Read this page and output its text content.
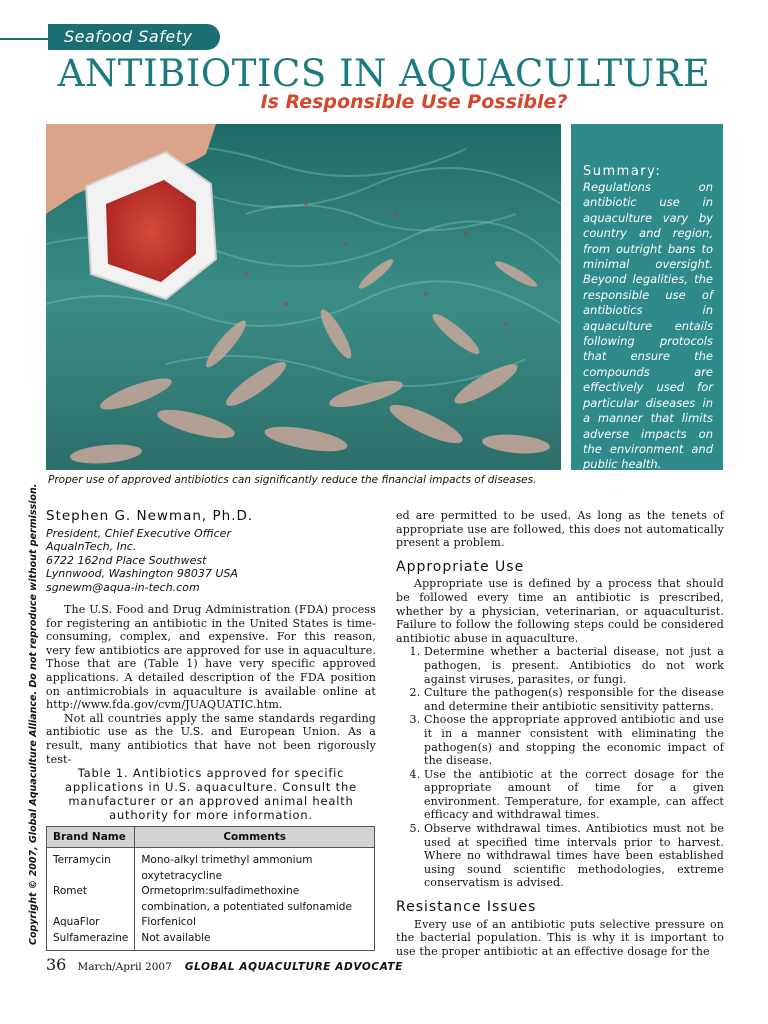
Seafood Safety
ANTIBIOTICS IN AQUACULTURE
Is Responsible Use Possible?
Summary:
Regulations on antibiotic use in aquaculture vary by country and region, from outright bans to minimal oversight. Beyond legalities, the responsible use of antibiotics in aquaculture entails following protocols that ensure the compounds are effectively used for particular diseases in a manner that limits adverse impacts on the environment and public health.
Proper use of approved antibiotics can significantly reduce the financial impacts of diseases.
Copyright © 2007, Global Aquaculture Alliance. Do not reproduce without permission. Stephen G. Newman, Ph.D.
President, Chief Executive Officer
AquaInTech, Inc.
6722 162nd Place Southwest
Lynnwood, Washington 98037 USA
sgnewm@aqua-in-tech.com

The U.S. Food and Drug Administration (FDA) process for registering an antibiotic in the United States is time-consuming, complex, and expensive. For this reason, very few antibiotics are approved for use in aquaculture. Those that are (Table 1) have very specific approved applications. A detailed description of the FDA position on antimicrobials in aquaculture is available online at http://www.fda.gov/cvm/JUAQUATIC.htm.

Not all countries apply the same standards regarding antibiotic use as the U.S. and European Union. As a result, many antibiotics that have not been rigorously test-

Table 1. Antibiotics approved for specific applications in U.S. aquaculture. Consult the manufacturer or an approved animal health authority for more information.
Brand Name	Comments
Terramycin	Mono-alkyl trimethyl ammonium oxytetracycline
Romet	Ormetoprim:sulfadimethoxine combination, a potentiated sulfonamide
AquaFlor	Florfenicol
Sulfamerazine	Not available
36 March/April 2007 GLOBAL AQUACULTURE ADVOCATE
ed are permitted to be used. As long as the tenets of appropriate use are followed, this does not automatically present a problem.
Appropriate Use

Appropriate use is defined by a process that should be followed every time an antibiotic is prescribed, whether by a physician, veterinarian, or aquaculturist. Failure to follow the following steps could be considered antibiotic abuse in aquaculture.

1. Determine whether a bacterial disease, not just a pathogen, is present. Antibiotics do not work against viruses, parasites, or fungi.
2. Culture the pathogen(s) responsible for the disease and determine their antibiotic sensitivity patterns.
3. Choose the appropriate approved antibiotic and use it in a manner consistent with eliminating the pathogen(s) and stopping the economic impact of the disease.
4. Use the antibiotic at the correct dosage for the appropriate amount of time for a given environment. Temperature, for example, can affect efficacy and withdrawal times.
5. Observe withdrawal times. Antibiotics must not be used at specified time intervals prior to harvest. Where no withdrawal times have been established using sound scientific methodologies, extreme conservatism is advised.
Resistance Issues

Every use of an antibiotic puts selective pressure on the bacterial population. This is why it is important to use the proper antibiotic at an effective dosage for the
